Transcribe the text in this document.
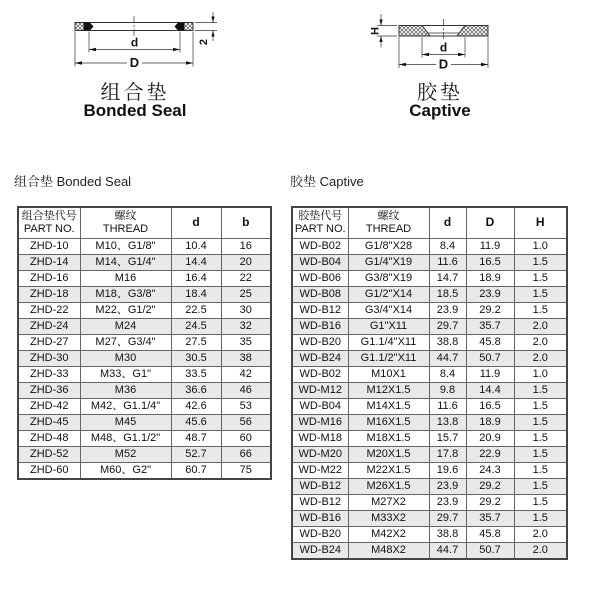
d
D
2
H
d
D
组合垫
Bonded Seal
胶垫
Captive
组合垫 Bonded Seal
组合垫代号
PART NO.	螺纹
THREAD	d	b
ZHD-10	M10、G1/8"	10.4	16
ZHD-14	M14、G1/4"	14.4	20
ZHD-16	M16	16.4	22
ZHD-18	M18、G3/8"	18.4	25
ZHD-22	M22、G1/2"	22.5	30
ZHD-24	M24	24.5	32
ZHD-27	M27、G3/4"	27.5	35
ZHD-30	M30	30.5	38
ZHD-33	M33、G1"	33.5	42
ZHD-36	M36	36.6	46
ZHD-42	M42、G1.1/4"	42.6	53
ZHD-45	M45	45.6	56
ZHD-48	M48、G1.1/2"	48.7	60
ZHD-52	M52	52.7	66
ZHD-60	M60、G2"	60.7	75
胶垫 Captive
胶垫代号
PART NO.	螺纹
THREAD	d	D	H
WD-B02	G1/8"X28	8.4	11.9	1.0
WD-B04	G1/4"X19	11.6	16.5	1.5
WD-B06	G3/8"X19	14.7	18.9	1.5
WD-B08	G1/2"X14	18.5	23.9	1.5
WD-B12	G3/4"X14	23.9	29.2	1.5
WD-B16	G1"X11	29.7	35.7	2.0
WD-B20	G1.1/4"X11	38.8	45.8	2.0
WD-B24	G1.1/2"X11	44.7	50.7	2.0
WD-B02	M10X1	8.4	11.9	1.0
WD-M12	M12X1.5	9.8	14.4	1.5
WD-B04	M14X1.5	11.6	16.5	1.5
WD-M16	M16X1.5	13.8	18.9	1.5
WD-M18	M18X1.5	15.7	20.9	1.5
WD-M20	M20X1.5	17.8	22.9	1.5
WD-M22	M22X1.5	19.6	24.3	1.5
WD-B12	M26X1.5	23.9	29.2	1.5
WD-B12	M27X2	23.9	29.2	1.5
WD-B16	M33X2	29.7	35.7	1.5
WD-B20	M42X2	38.8	45.8	2.0
WD-B24	M48X2	44.7	50.7	2.0
